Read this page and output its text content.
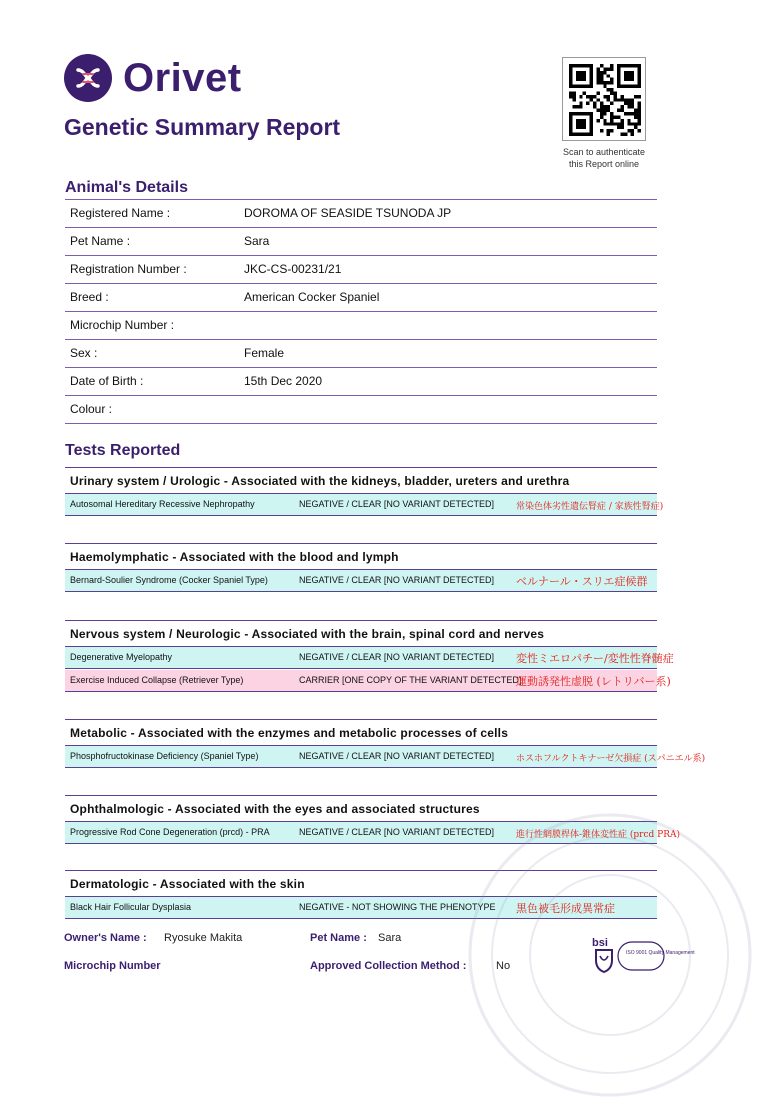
Orivet
Genetic Summary Report
Scan to authenticate
this Report online
Animal's Details
Registered Name :	DOROMA OF SEASIDE TSUNODA JP
Pet Name :	Sara
Registration Number :	JKC-CS-00231/21
Breed :	American Cocker Spaniel
Microchip Number :
Sex :	Female
Date of Birth :	15th Dec 2020
Colour :
Tests Reported
Urinary system / Urologic - Associated with the kidneys, bladder, ureters and urethra
Autosomal Hereditary Recessive Nephropathy	NEGATIVE / CLEAR [NO VARIANT DETECTED] 常染色体劣性遺伝腎症 / 家族性腎症)
Haemolymphatic - Associated with the blood and lymph
Bernard-Soulier Syndrome (Cocker Spaniel Type)	NEGATIVE / CLEAR [NO VARIANT DETECTED] ベルナール・スリエ症候群
Nervous system / Neurologic - Associated with the brain, spinal cord and nerves
Degenerative Myelopathy	NEGATIVE / CLEAR [NO VARIANT DETECTED] 変性ミエロパチー/変性性脊髄症
Exercise Induced Collapse (Retriever Type)	CARRIER [ONE COPY OF THE VARIANT DETECTED]
運動誘発性虚脱 (レトリバー系)
Metabolic - Associated with the enzymes and metabolic processes of cells
Phosphofructokinase Deficiency (Spaniel Type)	NEGATIVE / CLEAR [NO VARIANT DETECTED] ホスホフルクトキナーゼ欠損症 (スパニエル系)
Ophthalmologic - Associated with the eyes and associated structures
Progressive Rod Cone Degeneration (prcd) - PRA	NEGATIVE / CLEAR [NO VARIANT DETECTED] 進行性網膜桿体-錐体変性症 (prcd PRA)
Dermatologic - Associated with the skin
Black Hair Follicular Dysplasia	NEGATIVE - NOT SHOWING THE PHENOTYPE 黒色被毛形成異常症
Owner's Name : Ryosuke Makita	Pet Name : Sara
Microchip Number	Approved Collection Method :	No
bsi
ISO 9001 Quality Management
